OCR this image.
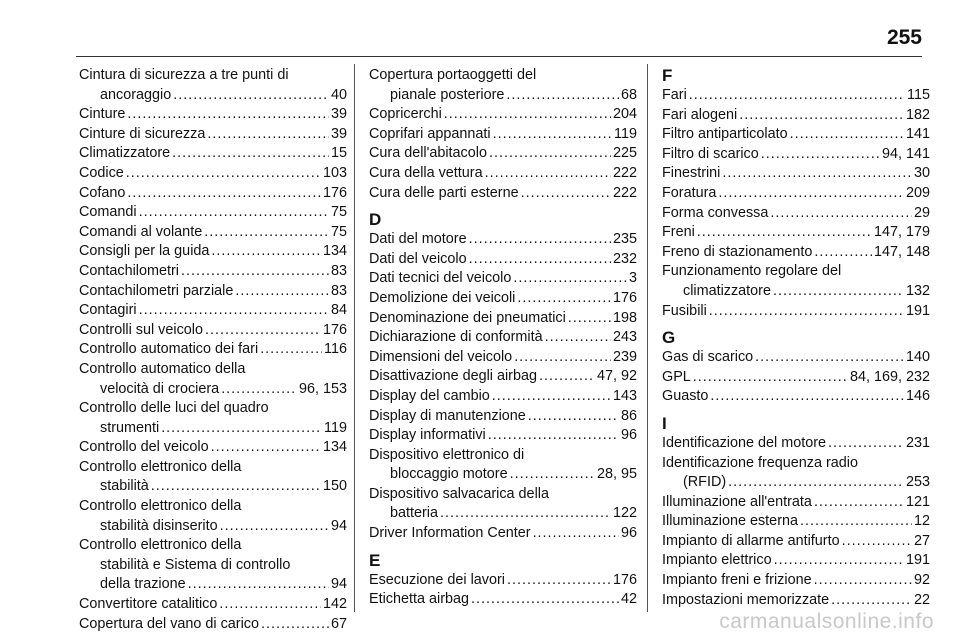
255
Cintura di sicurezza a tre punti di
ancoraggio .....	40
Cinture .....	39
Cinture di sicurezza .....	39
Climatizzatore .....	15
Codice .....	103
Cofano .....	176
Comandi .....	75
Comandi al volante .....	75
Consigli per la guida .....	134
Contachilometri .....	83
Contachilometri parziale .....	83
Contagiri .....	84
Controlli sul veicolo .....	176
Controllo automatico dei fari .....	116
Controllo automatico della
velocità di crociera .....	96, 153
Controllo delle luci del quadro
strumenti .....	119
Controllo del veicolo .....	134
Controllo elettronico della
stabilità .....	150
Controllo elettronico della
stabilità disinserito .....	94
Controllo elettronico della
stabilità e Sistema di controllo
della trazione .....	94
Convertitore catalitico .....	142
Copertura del vano di carico .....	67
Copertura portaoggetti del
pianale posteriore .....	68
Copricerchi .....	204
Coprifari appannati .....	119
Cura dell'abitacolo .....	225
Cura della vettura .....	222
Cura delle parti esterne .....	222
D
Dati del motore .....	235
Dati del veicolo .....	232
Dati tecnici del veicolo .....	3
Demolizione dei veicoli .....	176
Denominazione dei pneumatici .....	198
Dichiarazione di conformità .....	243
Dimensioni del veicolo .....	239
Disattivazione degli airbag .....	47, 92
Display del cambio .....	143
Display di manutenzione .....	86
Display informativi .....	96
Dispositivo elettronico di
bloccaggio motore .....	28, 95
Dispositivo salvacarica della
batteria .....	122
Driver Information Center .....	96
E
Esecuzione dei lavori .....	176
Etichetta airbag .....	42
F
Fari .....	115
Fari alogeni .....	182
Filtro antiparticolato .....	141
Filtro di scarico .....	94, 141
Finestrini .....	30
Foratura .....	209
Forma convessa .....	29
Freni .....	147, 179
Freno di stazionamento .....	147, 148
Funzionamento regolare del
climatizzatore .....	132
Fusibili .....	191
G
Gas di scarico .....	140
GPL .....	84, 169, 232
Guasto .....	146
I
Identificazione del motore .....	231
Identificazione frequenza radio
(RFID) .....	253
Illuminazione all'entrata .....	121
Illuminazione esterna .....	12
Impianto di allarme antifurto .....	27
Impianto elettrico .....	191
Impianto freni e frizione .....	92
Impostazioni memorizzate .....	22
carmanualsonline.info
